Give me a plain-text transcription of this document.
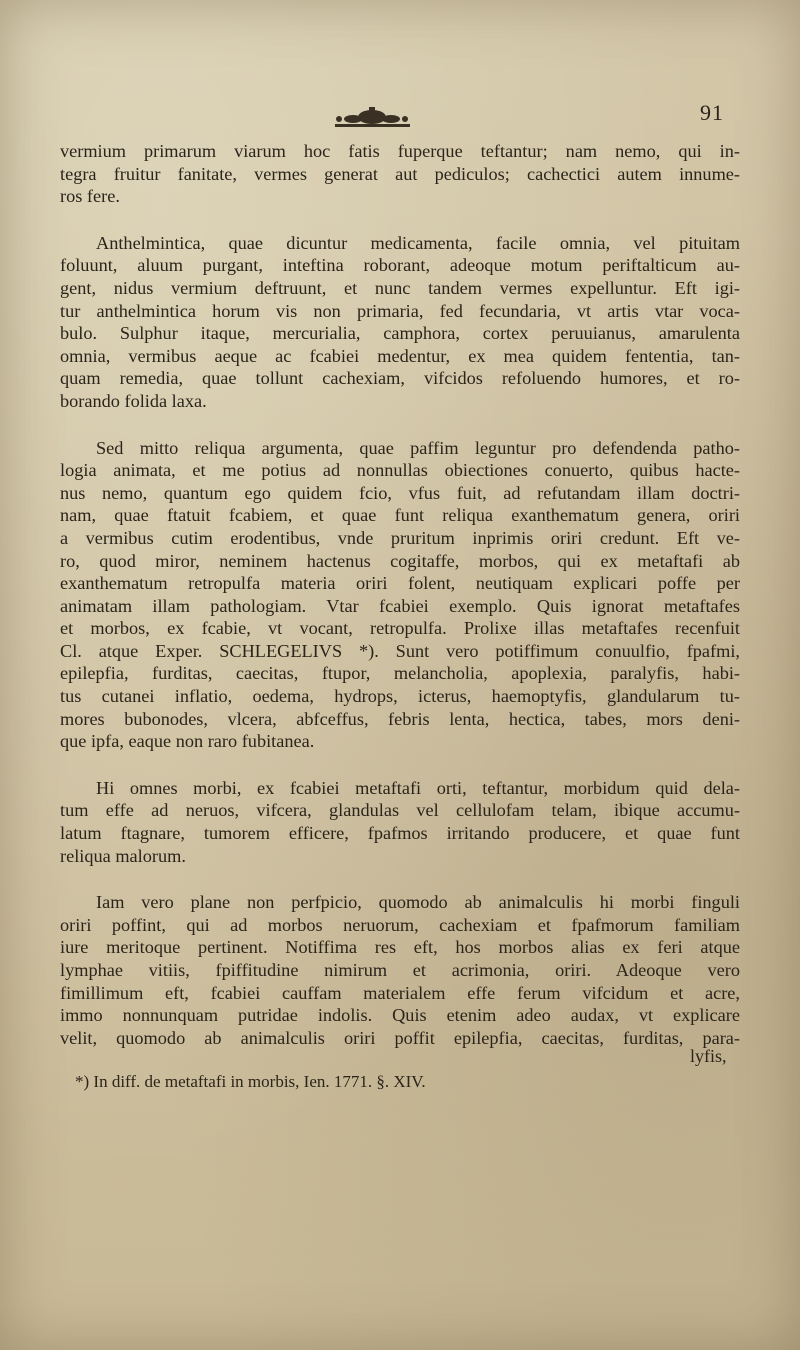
91
vermium primarum viarum hoc fatis fuperque teftantur; nam nemo, qui in-
tegra fruitur fanitate, vermes generat aut pediculos; cachectici autem innume-
ros fere.
Anthelmintica, quae dicuntur medicamenta, facile omnia, vel pituitam
foluunt, aluum purgant, inteftina roborant, adeoque motum periftalticum au-
gent, nidus vermium deftruunt, et nunc tandem vermes expelluntur. Eft igi-
tur anthelmintica horum vis non primaria, fed fecundaria, vt artis vtar voca-
bulo. Sulphur itaque, mercurialia, camphora, cortex peruuianus, amarulenta
omnia, vermibus aeque ac fcabiei medentur, ex mea quidem fententia, tan-
quam remedia, quae tollunt cachexiam, vifcidos refoluendo humores, et ro-
borando folida laxa.
Sed mitto reliqua argumenta, quae paffim leguntur pro defendenda patho-
logia animata, et me potius ad nonnullas obiectiones conuerto, quibus hacte-
nus nemo, quantum ego quidem fcio, vfus fuit, ad refutandam illam doctri-
nam, quae ftatuit fcabiem, et quae funt reliqua exanthematum genera, oriri
a vermibus cutim erodentibus, vnde pruritum inprimis oriri credunt. Eft ve-
ro, quod miror, neminem hactenus cogitaffe, morbos, qui ex metaftafi ab
exanthematum retropulfa materia oriri folent, neutiquam explicari poffe per
animatam illam pathologiam. Vtar fcabiei exemplo. Quis ignorat metaftafes
et morbos, ex fcabie, vt vocant, retropulfa. Prolixe illas metaftafes recenfuit
Cl. atque Exper. SCHLEGELIVS *). Sunt vero potiffimum conuulfio, fpafmi,
epilepfia, furditas, caecitas, ftupor, melancholia, apoplexia, paralyfis, habi-
tus cutanei inflatio, oedema, hydrops, icterus, haemoptyfis, glandularum tu-
mores bubonodes, vlcera, abfceffus, febris lenta, hectica, tabes, mors deni-
que ipfa, eaque non raro fubitanea.
Hi omnes morbi, ex fcabiei metaftafi orti, teftantur, morbidum quid dela-
tum effe ad neruos, vifcera, glandulas vel cellulofam telam, ibique accumu-
latum ftagnare, tumorem efficere, fpafmos irritando producere, et quae funt
reliqua malorum.
Iam vero plane non perfpicio, quomodo ab animalculis hi morbi finguli
oriri poffint, qui ad morbos neruorum, cachexiam et fpafmorum familiam
iure meritoque pertinent. Notiffima res eft, hos morbos alias ex feri atque
lymphae vitiis, fpiffitudine nimirum et acrimonia, oriri. Adeoque vero
fimillimum eft, fcabiei cauffam materialem effe ferum vifcidum et acre,
immo nonnunquam putridae indolis. Quis etenim adeo audax, vt explicare
velit, quomodo ab animalculis oriri poffit epilepfia, caecitas, furditas, para-
lyfis,
*) In diff. de metaftafi in morbis, Ien. 1771. §. XIV.
